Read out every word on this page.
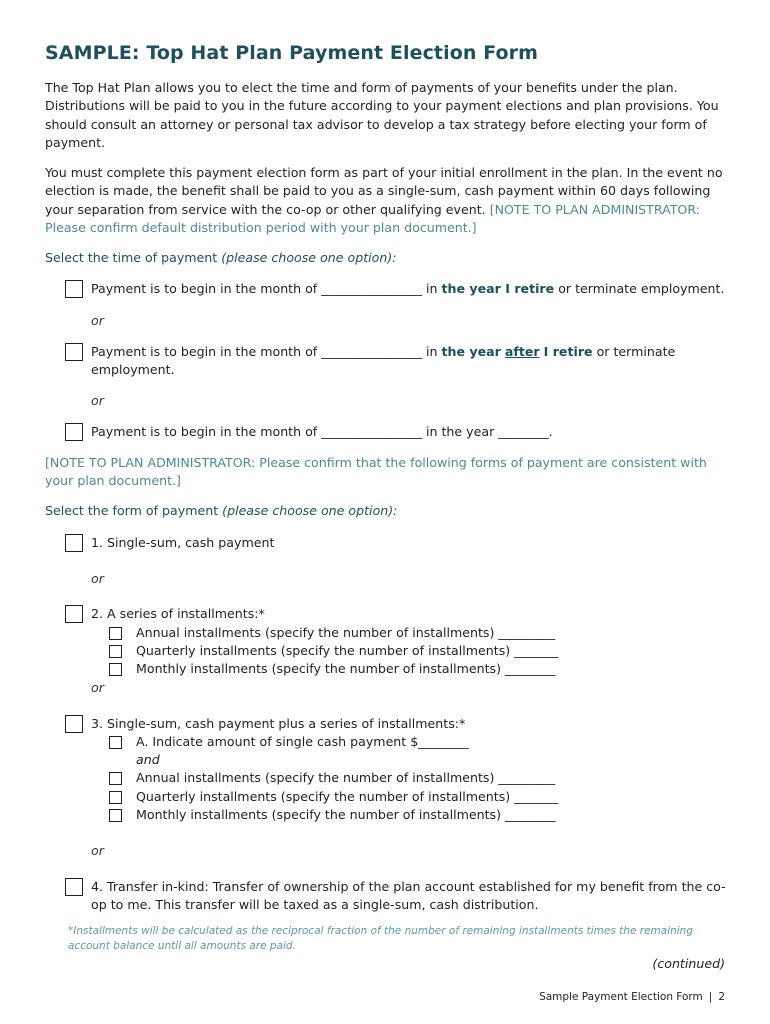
SAMPLE: Top Hat Plan Payment Election Form
The Top Hat Plan allows you to elect the time and form of payments of your benefits under the plan. Distributions will be paid to you in the future according to your payment elections and plan provisions. You should consult an attorney or personal tax advisor to develop a tax strategy before electing your form of payment.
You must complete this payment election form as part of your initial enrollment in the plan. In the event no election is made, the benefit shall be paid to you as a single-sum, cash payment within 60 days following your separation from service with the co-op or other qualifying event. [NOTE TO PLAN ADMINISTRATOR: Please confirm default distribution period with your plan document.]
Select the time of payment (please choose one option):
Payment is to begin in the month of ________________ in the year I retire or terminate employment.
or
Payment is to begin in the month of ________________ in the year after I retire or terminate employment.
or
Payment is to begin in the month of ________________ in the year ________.
[NOTE TO PLAN ADMINISTRATOR: Please confirm that the following forms of payment are consistent with your plan document.]
Select the form of payment (please choose one option):
1. Single-sum, cash payment
or
2. A series of installments:*
Annual installments (specify the number of installments) _________
Quarterly installments (specify the number of installments) _______
Monthly installments (specify the number of installments) ________
or
3. Single-sum, cash payment plus a series of installments:*
A. Indicate amount of single cash payment $________
and
Annual installments (specify the number of installments) _________
Quarterly installments (specify the number of installments) _______
Monthly installments (specify the number of installments) ________
or
4. Transfer in-kind: Transfer of ownership of the plan account established for my benefit from the co-op to me. This transfer will be taxed as a single-sum, cash distribution.
*Installments will be calculated as the reciprocal fraction of the number of remaining installments times the remaining account balance until all amounts are paid.
(continued)
Sample Payment Election Form | 2
